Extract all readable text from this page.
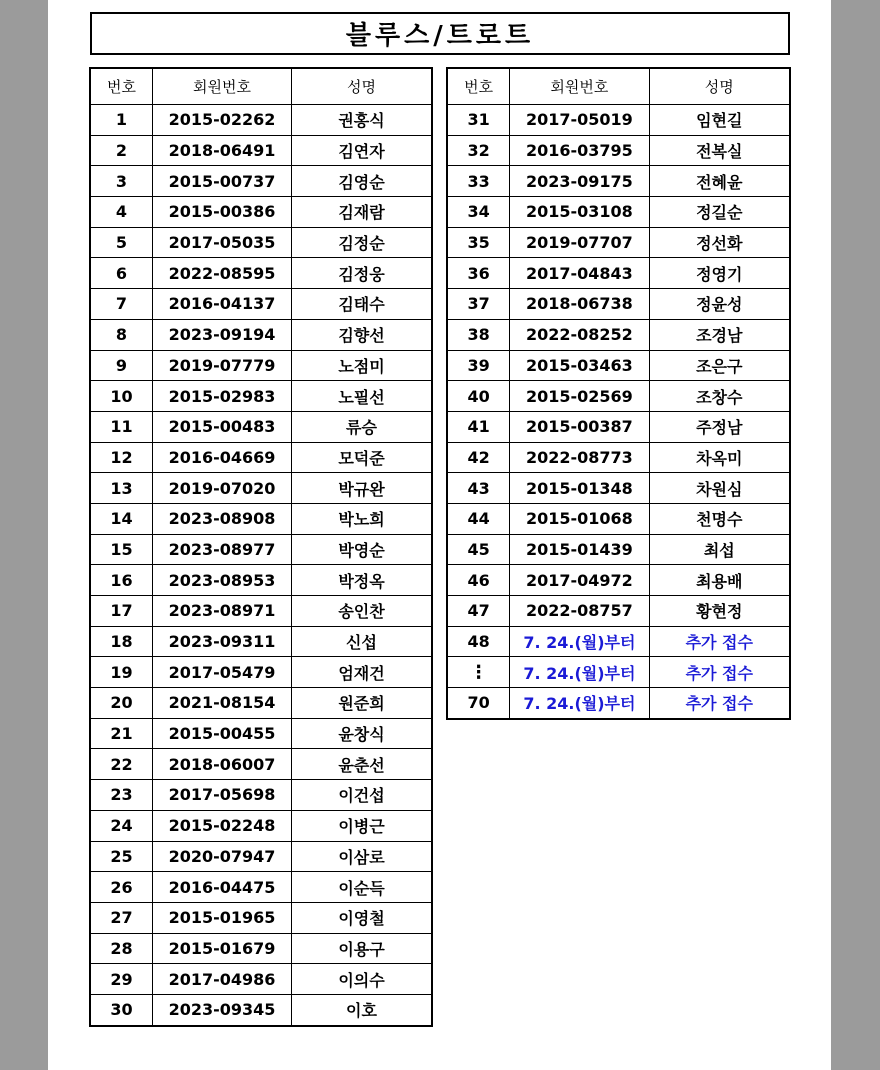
블루스/트로트
번호	회원번호	성명
1	2015-02262	권홍식
2	2018-06491	김연자
3	2015-00737	김영순
4	2015-00386	김재람
5	2017-05035	김정순
6	2022-08595	김정웅
7	2016-04137	김태수
8	2023-09194	김향선
9	2019-07779	노점미
10	2015-02983	노필선
11	2015-00483	류승
12	2016-04669	모덕준
13	2019-07020	박규완
14	2023-08908	박노희
15	2023-08977	박영순
16	2023-08953	박정옥
17	2023-08971	송인찬
18	2023-09311	신섭
19	2017-05479	엄재건
20	2021-08154	원준희
21	2015-00455	윤창식
22	2018-06007	윤춘선
23	2017-05698	이건섭
24	2015-02248	이병근
25	2020-07947	이삼로
26	2016-04475	이순득
27	2015-01965	이영철
28	2015-01679	이용구
29	2017-04986	이의수
30	2023-09345	이호
번호	회원번호	성명
31	2017-05019	임현길
32	2016-03795	전복실
33	2023-09175	전혜윤
34	2015-03108	정길순
35	2019-07707	정선화
36	2017-04843	정영기
37	2018-06738	정윤성
38	2022-08252	조경남
39	2015-03463	조은구
40	2015-02569	조창수
41	2015-00387	주정남
42	2022-08773	차옥미
43	2015-01348	차원심
44	2015-01068	천명수
45	2015-01439	최섭
46	2017-04972	최용배
47	2022-08757	황현정
48	7. 24.(월)부터	추가 접수
⋮	7. 24.(월)부터	추가 접수
70	7. 24.(월)부터	추가 접수
